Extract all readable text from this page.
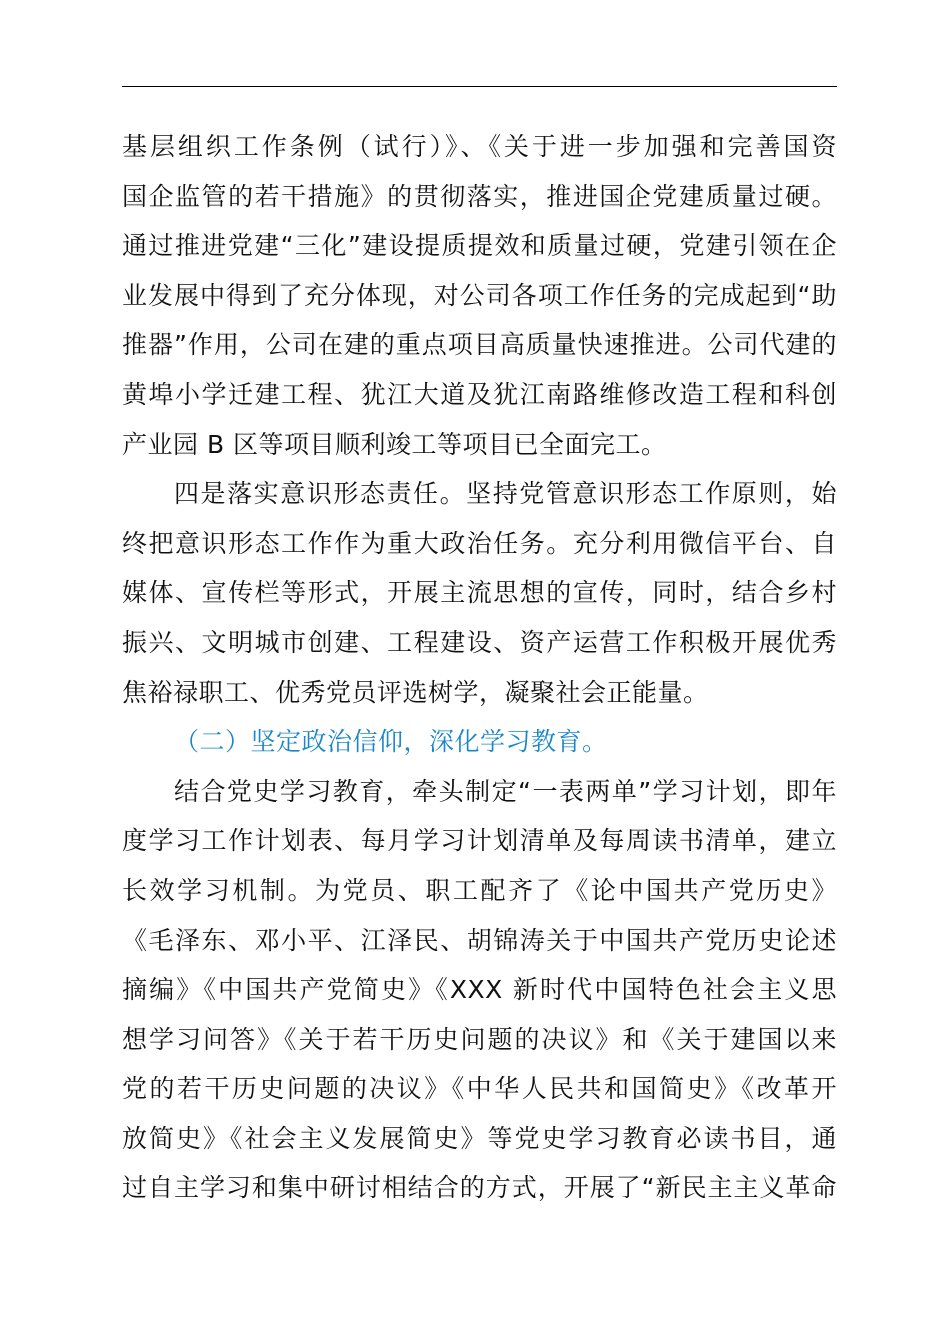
基层组织工作条例（试行）》、《关于进一步加强和完善国资
国企监管的若干措施》的贯彻落实，推进国企党建质量过硬。
通过推进党建“三化”建设提质提效和质量过硬，党建引领在企
业发展中得到了充分体现，对公司各项工作任务的完成起到“助
推器”作用，公司在建的重点项目高质量快速推进。公司代建的
黄埠小学迁建工程、犹江大道及犹江南路维修改造工程和科创
产业园 B 区等项目顺利竣工等项目已全面完工。
四是落实意识形态责任。坚持党管意识形态工作原则，始
终把意识形态工作作为重大政治任务。充分利用微信平台、自
媒体、宣传栏等形式，开展主流思想的宣传，同时，结合乡村
振兴、文明城市创建、工程建设、资产运营工作积极开展优秀
焦裕禄职工、优秀党员评选树学，凝聚社会正能量。
（二）坚定政治信仰，深化学习教育。
结合党史学习教育，牵头制定“一表两单”学习计划，即年
度学习工作计划表、每月学习计划清单及每周读书清单，建立
长效学习机制。为党员、职工配齐了《论中国共产党历史》
《毛泽东、邓小平、江泽民、胡锦涛关于中国共产党历史论述
摘编》《中国共产党简史》《XXX 新时代中国特色社会主义思
想学习问答》《关于若干历史问题的决议》和《关于建国以来
党的若干历史问题的决议》《中华人民共和国简史》《改革开
放简史》《社会主义发展简史》等党史学习教育必读书目，通
过自主学习和集中研讨相结合的方式，开展了“新民主主义革命
